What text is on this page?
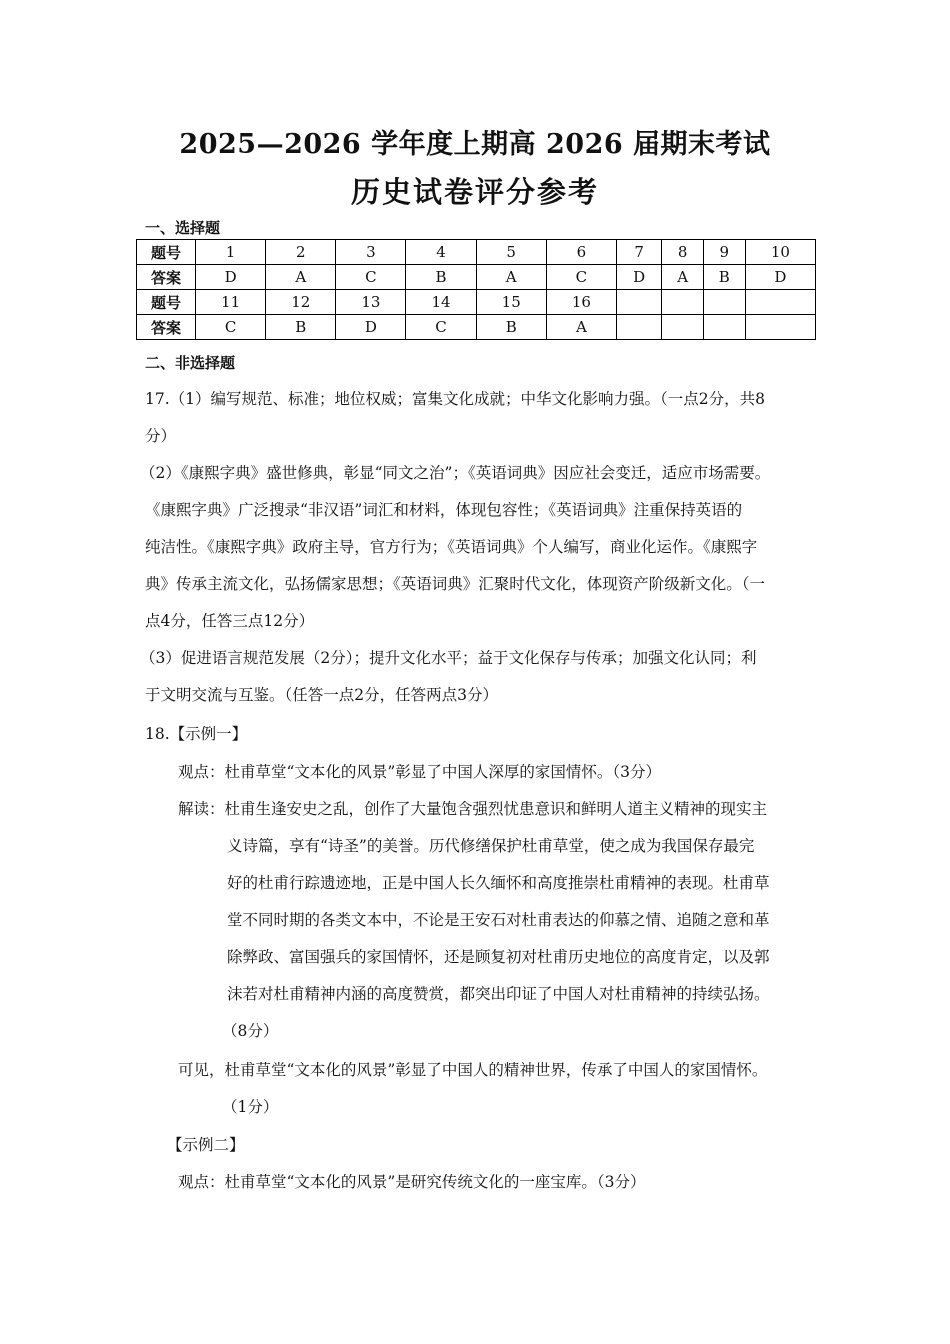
2025—2026 学年度上期高 2026 届期末考试
历史试卷评分参考
一、选择题
题号	1	2	3	4	5	6	7	8	9	10
答案	D	A	C	B	A	C	D	A	B	D
题号	11	12	13	14	15	16				
答案	C	B	D	C	B	A				
二、非选择题
17.（1）编写规范、标准；地位权威；富集文化成就；中华文化影响力强。（一点2分，共8
分）
（2）《康熙字典》盛世修典，彰显“同文之治”；《英语词典》因应社会变迁，适应市场需要。
《康熙字典》广泛搜录“非汉语”词汇和材料，体现包容性；《英语词典》注重保持英语的
纯洁性。《康熙字典》政府主导，官方行为；《英语词典》个人编写，商业化运作。《康熙字
典》传承主流文化，弘扬儒家思想；《英语词典》汇聚时代文化，体现资产阶级新文化。（一
点4分，任答三点12分）
（3）促进语言规范发展（2分）；提升文化水平；益于文化保存与传承；加强文化认同；利
于文明交流与互鉴。（任答一点2分，任答两点3分）
18.【示例一】
观点：杜甫草堂“文本化的风景”彰显了中国人深厚的家国情怀。（3分）
解读：杜甫生逢安史之乱，创作了大量饱含强烈忧患意识和鲜明人道主义精神的现实主
义诗篇，享有“诗圣”的美誉。历代修缮保护杜甫草堂，使之成为我国保存最完
好的杜甫行踪遗迹地，正是中国人长久缅怀和高度推崇杜甫精神的表现。杜甫草
堂不同时期的各类文本中，不论是王安石对杜甫表达的仰慕之情、追随之意和革
除弊政、富国强兵的家国情怀，还是顾复初对杜甫历史地位的高度肯定，以及郭
沫若对杜甫精神内涵的高度赞赏，都突出印证了中国人对杜甫精神的持续弘扬。
（8分）
可见，杜甫草堂“文本化的风景”彰显了中国人的精神世界，传承了中国人的家国情怀。
（1分）
【示例二】
观点：杜甫草堂“文本化的风景”是研究传统文化的一座宝库。（3分）
